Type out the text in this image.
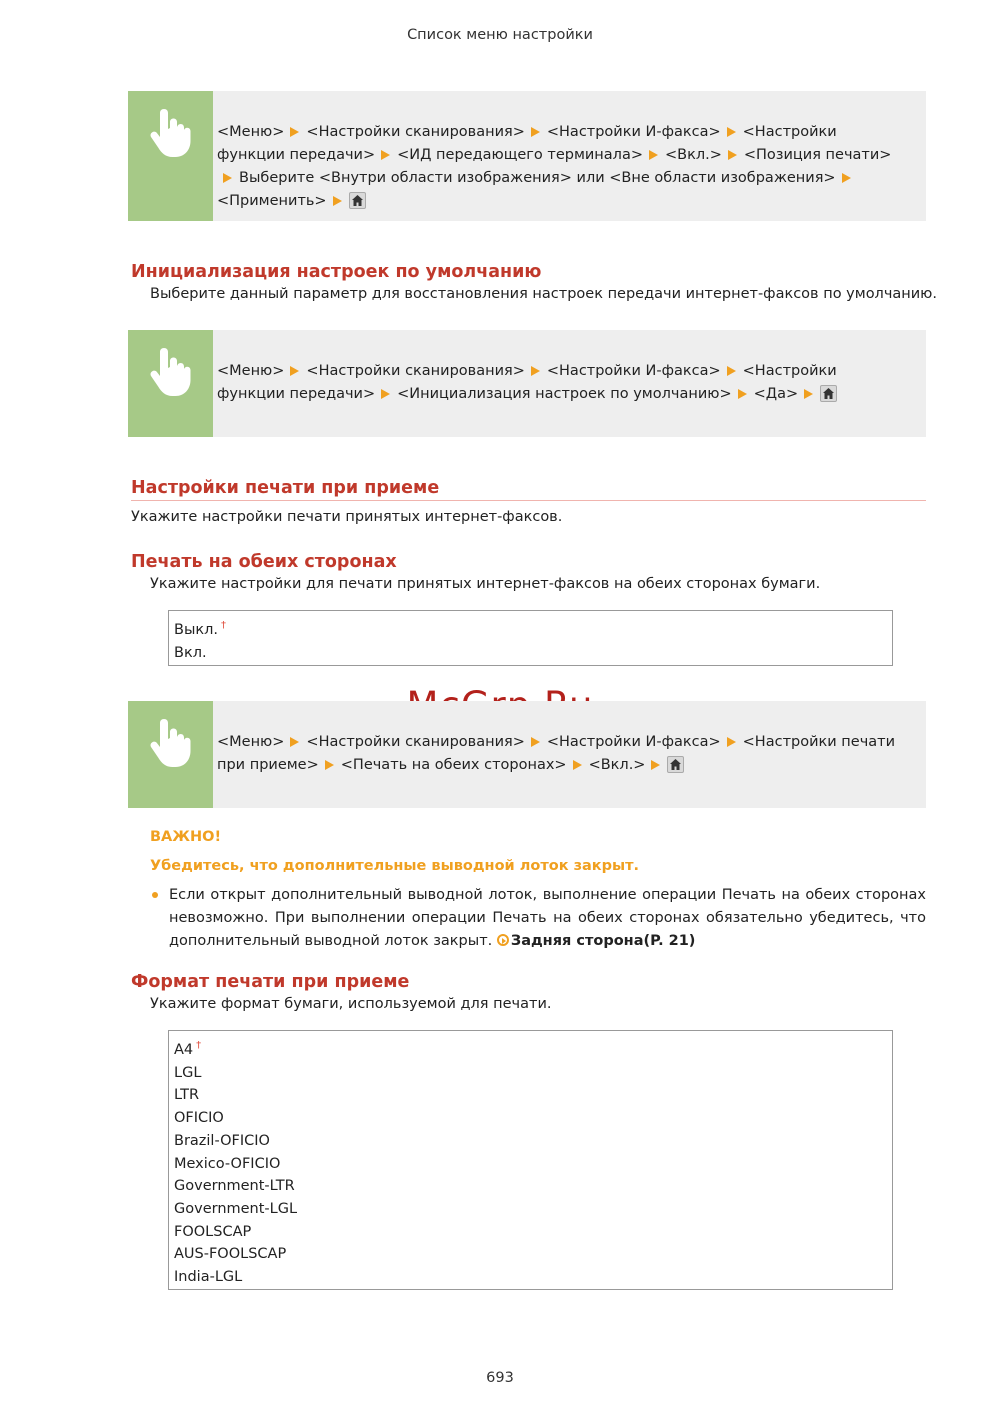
Список меню настройки
<Меню> <Настройки сканирования> <Настройки И-факса> <Настройки функции передачи> <ИД передающего терминала> <Вкл.> <Позиция печати>Выберите <Внутри области изображения> или <Вне области изображения><Применить>
Инициализация настроек по умолчанию
Выберите данный параметр для восстановления настроек передачи интернет-факсов по умолчанию.
<Меню> <Настройки сканирования> <Настройки И-факса> <Настройки функции передачи> <Инициализация настроек по умолчанию> <Да>
Настройки печати при приеме
Укажите настройки печати принятых интернет-факсов.
Печать на обеих сторонах
Укажите настройки для печати принятых интернет-факсов на обеих сторонах бумаги.
Выкл. †
Вкл.
<Меню> <Настройки сканирования> <Настройки И-факса> <Настройки печати при приеме> <Печать на обеих сторонах> <Вкл.>
ВАЖНО!
Убедитесь, что дополнительные выводной лоток закрыт.
Если открыт дополнительный выводной лоток, выполнение операции Печать на обеих сторонах невозможно. При выполнении операции Печать на обеих сторонах обязательно убедитесь, что дополнительный выводной лоток закрыт. Задняя сторона(P. 21)
Формат печати при приеме
Укажите формат бумаги, используемой для печати.
A4 †
LGL
LTR
OFICIO
Brazil-OFICIO
Mexico-OFICIO
Government-LTR
Government-LGL
FOOLSCAP
AUS-FOOLSCAP
India-LGL
693
